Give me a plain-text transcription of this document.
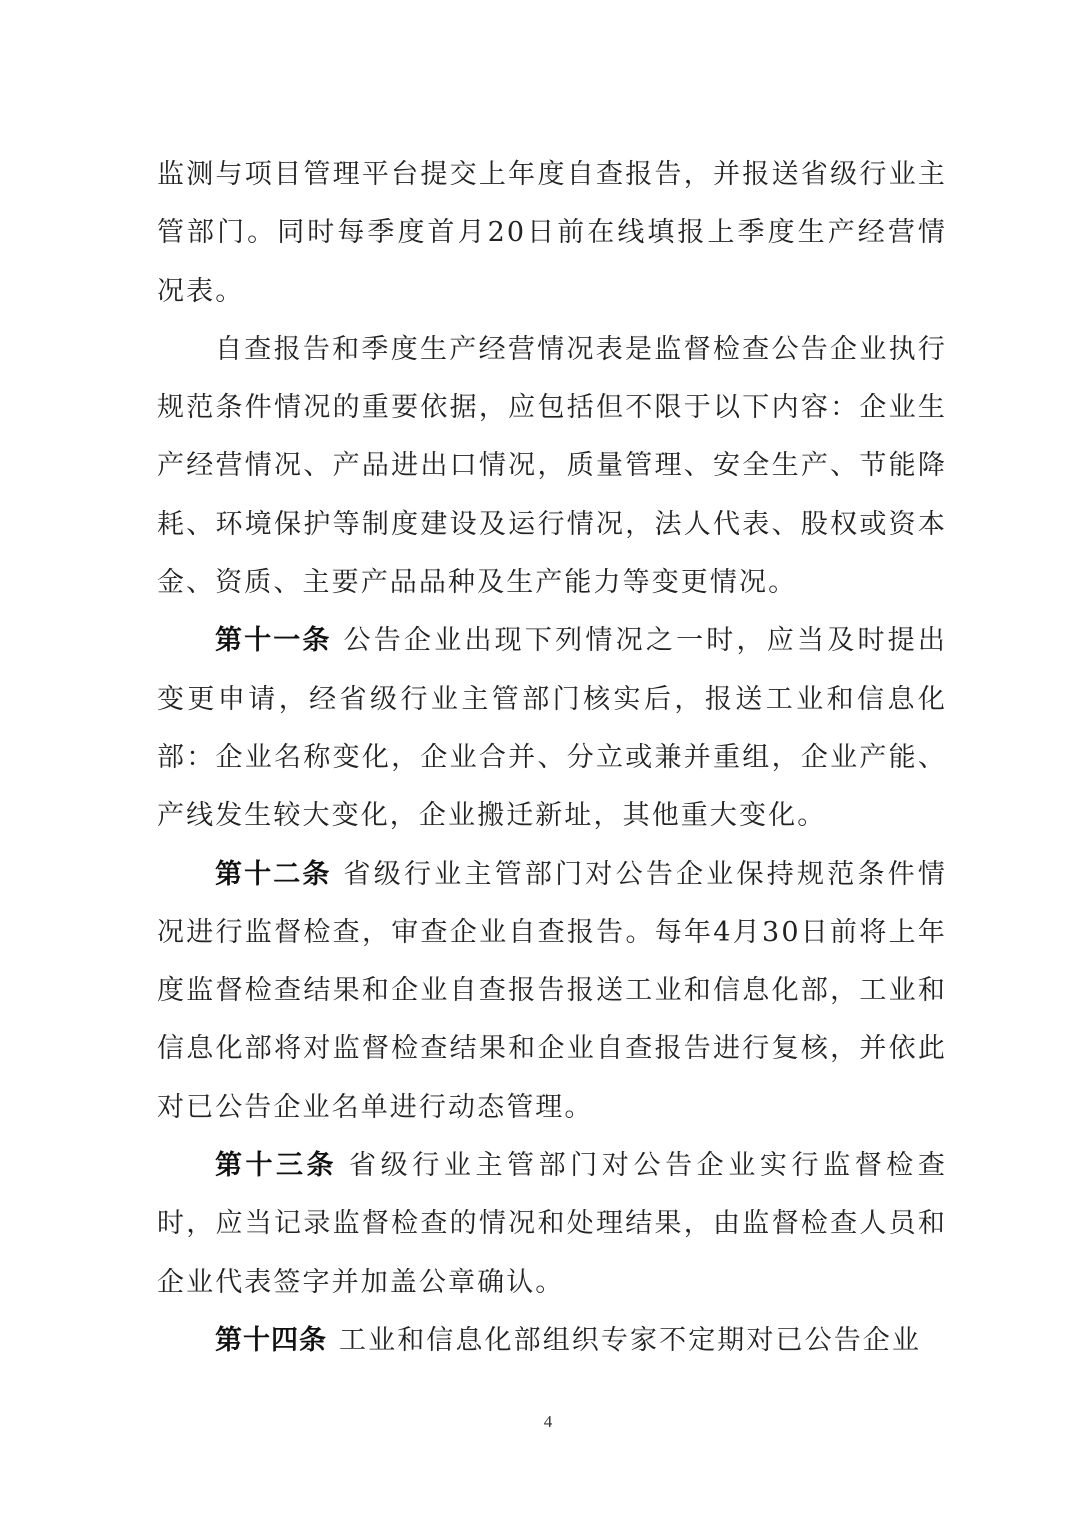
监测与项目管理平台提交上年度自查报告，并报送省级行业主管部门。同时每季度首月20日前在线填报上季度生产经营情况表。

自查报告和季度生产经营情况表是监督检查公告企业执行规范条件情况的重要依据，应包括但不限于以下内容：企业生产经营情况、产品进出口情况，质量管理、安全生产、节能降耗、环境保护等制度建设及运行情况，法人代表、股权或资本金、资质、主要产品品种及生产能力等变更情况。

第十一条 公告企业出现下列情况之一时，应当及时提出变更申请，经省级行业主管部门核实后，报送工业和信息化部：企业名称变化，企业合并、分立或兼并重组，企业产能、产线发生较大变化，企业搬迁新址，其他重大变化。

第十二条 省级行业主管部门对公告企业保持规范条件情况进行监督检查，审查企业自查报告。每年4月30日前将上年度监督检查结果和企业自查报告报送工业和信息化部，工业和信息化部将对监督检查结果和企业自查报告进行复核，并依此对已公告企业名单进行动态管理。

第十三条 省级行业主管部门对公告企业实行监督检查时，应当记录监督检查的情况和处理结果，由监督检查人员和企业代表签字并加盖公章确认。

第十四条 工业和信息化部组织专家不定期对已公告企业

4
